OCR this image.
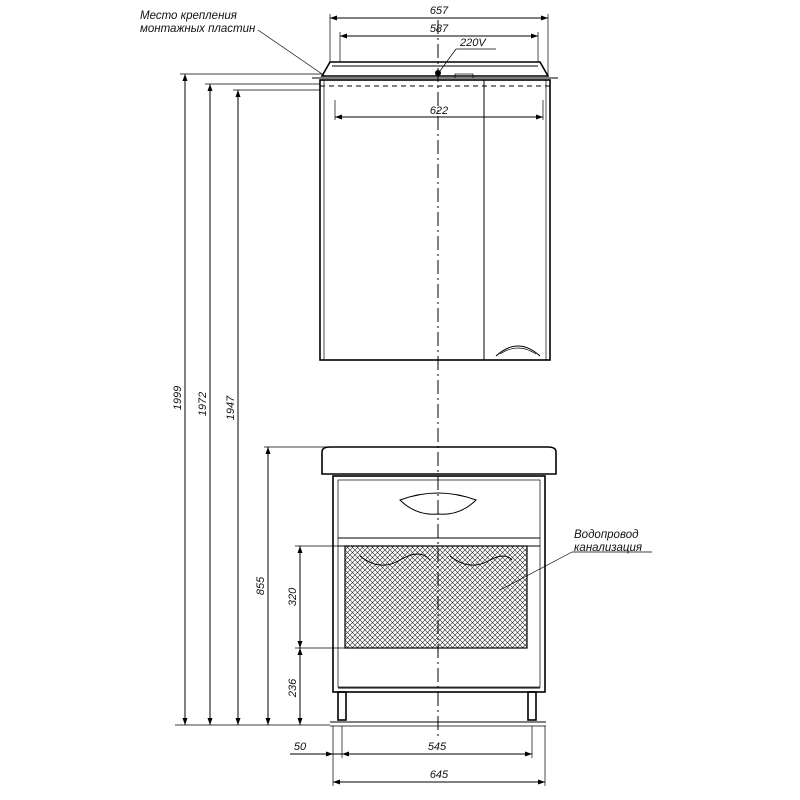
657
587
220V
622
Место крепления
монтажных пластин
Водопровод
канализация
1999 1972 1947
855
320
236
50	545
645
